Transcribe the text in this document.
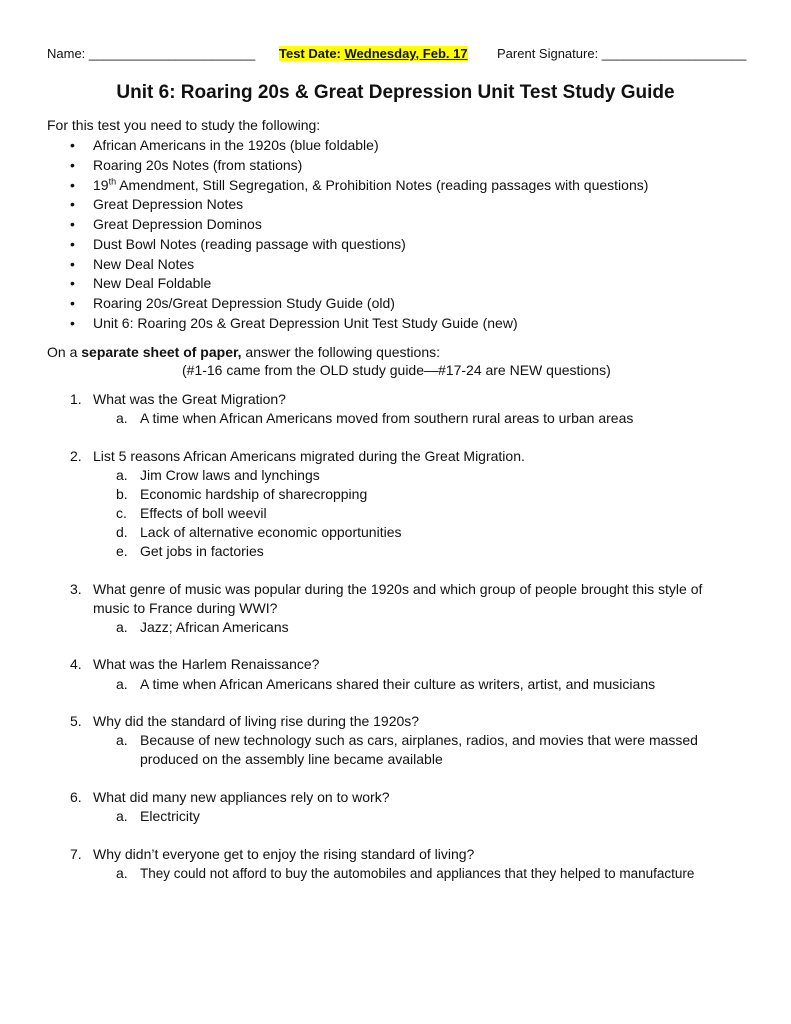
Name: _______________________ Test Date: Wednesday, Feb. 17 Parent Signature: ____________________
Unit 6: Roaring 20s & Great Depression Unit Test Study Guide
For this test you need to study the following:
• African Americans in the 1920s (blue foldable)
• Roaring 20s Notes (from stations)
• 19th Amendment, Still Segregation, & Prohibition Notes (reading passages with questions)
• Great Depression Notes
• Great Depression Dominos
• Dust Bowl Notes (reading passage with questions)
• New Deal Notes
• New Deal Foldable
• Roaring 20s/Great Depression Study Guide (old)
• Unit 6: Roaring 20s & Great Depression Unit Test Study Guide (new)
On a separate sheet of paper, answer the following questions:
(#1-16 came from the OLD study guide—#17-24 are NEW questions)
1. What was the Great Migration?
a. A time when African Americans moved from southern rural areas to urban areas
2. List 5 reasons African Americans migrated during the Great Migration.
a. Jim Crow laws and lynchings
b. Economic hardship of sharecropping
c. Effects of boll weevil
d. Lack of alternative economic opportunities
e. Get jobs in factories
3. What genre of music was popular during the 1920s and which group of people brought this style of music to France during WWI?
a. Jazz; African Americans
4. What was the Harlem Renaissance?
a. A time when African Americans shared their culture as writers, artist, and musicians
5. Why did the standard of living rise during the 1920s?
a. Because of new technology such as cars, airplanes, radios, and movies that were massed produced on the assembly line became available
6. What did many new appliances rely on to work?
a. Electricity
7. Why didn’t everyone get to enjoy the rising standard of living?
a. They could not afford to buy the automobiles and appliances that they helped to manufacture
